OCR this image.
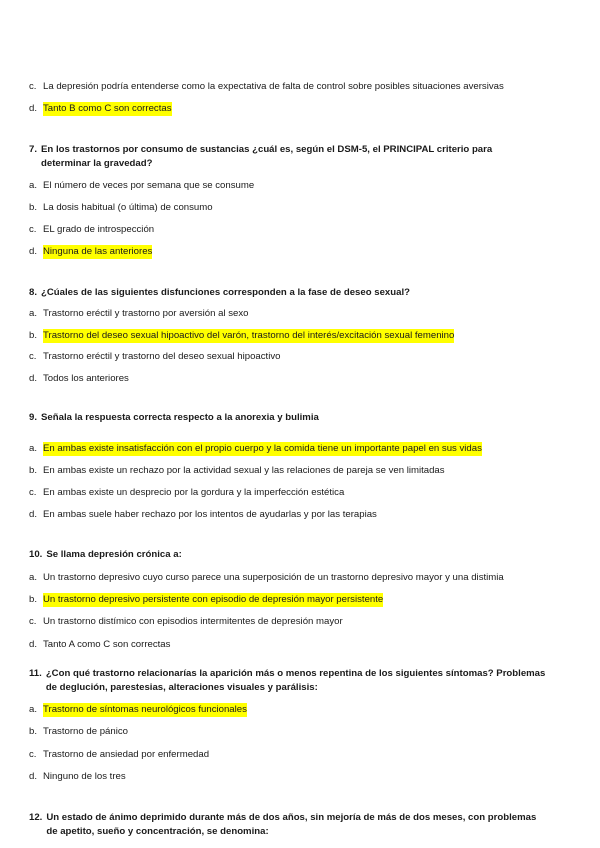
c. La depresión podría entenderse como la expectativa de falta de control sobre posibles situaciones aversivas
d. Tanto B como C son correctas
7. En los trastornos por consumo de sustancias ¿cuál es, según el DSM-5, el PRINCIPAL criterio para determinar la gravedad?
a. El número de veces por semana que se consume
b. La dosis habitual (o última) de consumo
c. EL grado de introspección
d. Ninguna de las anteriores
8. ¿Cúales de las siguientes disfunciones corresponden a la fase de deseo sexual?
a. Trastorno eréctil y trastorno por aversión al sexo
b. Trastorno del deseo sexual hipoactivo del varón, trastorno del interés/excitación sexual femenino
c. Trastorno eréctil y trastorno del deseo sexual hipoactivo
d. Todos los anteriores
9. Señala la respuesta correcta respecto a la anorexia y bulimia
a. En ambas existe insatisfacción con el propio cuerpo y la comida tiene un importante papel en sus vidas
b. En ambas existe un rechazo por la actividad sexual y las relaciones de pareja se ven limitadas
c. En ambas existe un desprecio por la gordura y la imperfección estética
d. En ambas suele haber rechazo por los intentos de ayudarlas y por las terapias
10. Se llama depresión crónica a:
a. Un trastorno depresivo cuyo curso parece una superposición de un trastorno depresivo mayor y una distimia
b. Un trastorno depresivo persistente con episodio de depresión mayor persistente
c. Un trastorno distímico con episodios intermitentes de depresión mayor
d. Tanto A como C son correctas
11. ¿Con qué trastorno relacionarías la aparición más o menos repentina de los siguientes síntomas? Problemas de deglución, parestesias, alteraciones visuales y parálisis:
a. Trastorno de síntomas neurológicos funcionales
b. Trastorno de pánico
c. Trastorno de ansiedad por enfermedad
d. Ninguno de los tres
12. Un estado de ánimo deprimido durante más de dos años, sin mejoría de más de dos meses, con problemas de apetito, sueño y concentración, se denomina:
